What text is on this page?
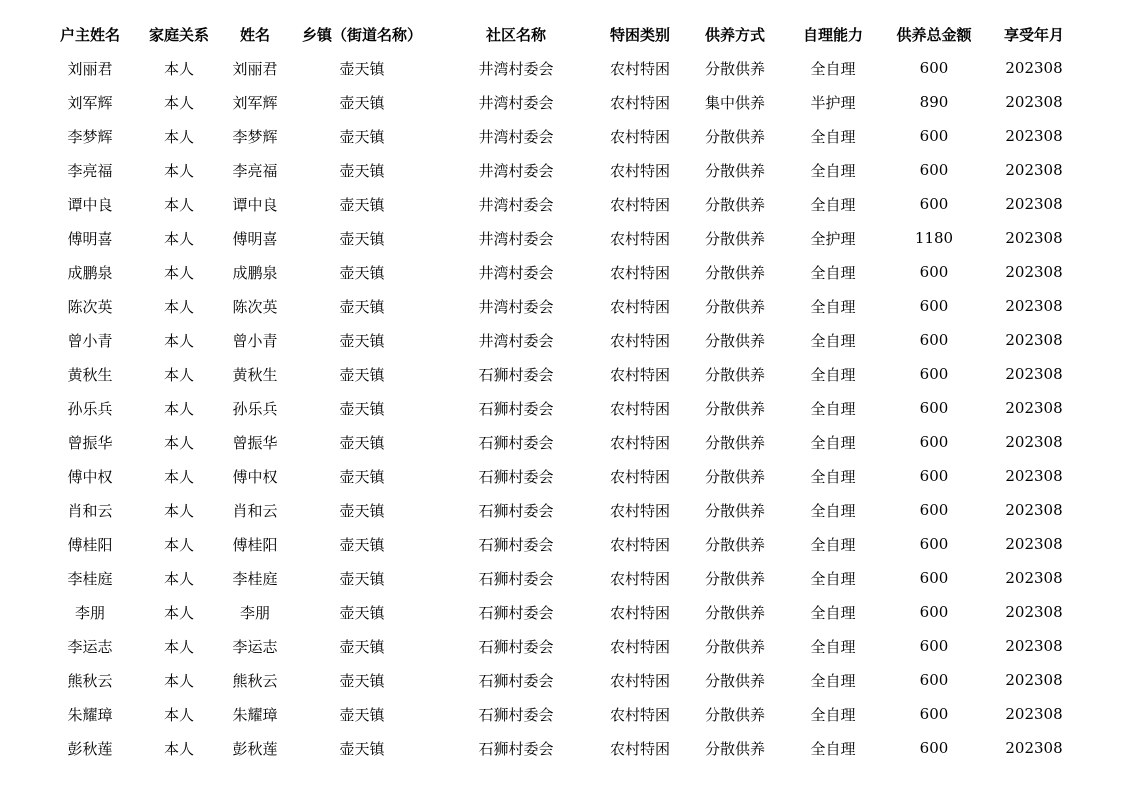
户主姓名	家庭关系	姓名	乡镇（街道名称）	社区名称	特困类别	供养方式	自理能力	供养总金额	享受年月
刘丽君	本人	刘丽君	壶天镇	井湾村委会	农村特困	分散供养	全自理	600	202308
刘军辉	本人	刘军辉	壶天镇	井湾村委会	农村特困	集中供养	半护理	890	202308
李梦辉	本人	李梦辉	壶天镇	井湾村委会	农村特困	分散供养	全自理	600	202308
李亮福	本人	李亮福	壶天镇	井湾村委会	农村特困	分散供养	全自理	600	202308
谭中良	本人	谭中良	壶天镇	井湾村委会	农村特困	分散供养	全自理	600	202308
傅明喜	本人	傅明喜	壶天镇	井湾村委会	农村特困	分散供养	全护理	1180	202308
成鹏泉	本人	成鹏泉	壶天镇	井湾村委会	农村特困	分散供养	全自理	600	202308
陈次英	本人	陈次英	壶天镇	井湾村委会	农村特困	分散供养	全自理	600	202308
曾小青	本人	曾小青	壶天镇	井湾村委会	农村特困	分散供养	全自理	600	202308
黄秋生	本人	黄秋生	壶天镇	石狮村委会	农村特困	分散供养	全自理	600	202308
孙乐兵	本人	孙乐兵	壶天镇	石狮村委会	农村特困	分散供养	全自理	600	202308
曾振华	本人	曾振华	壶天镇	石狮村委会	农村特困	分散供养	全自理	600	202308
傅中权	本人	傅中权	壶天镇	石狮村委会	农村特困	分散供养	全自理	600	202308
肖和云	本人	肖和云	壶天镇	石狮村委会	农村特困	分散供养	全自理	600	202308
傅桂阳	本人	傅桂阳	壶天镇	石狮村委会	农村特困	分散供养	全自理	600	202308
李桂庭	本人	李桂庭	壶天镇	石狮村委会	农村特困	分散供养	全自理	600	202308
李朋	本人	李朋	壶天镇	石狮村委会	农村特困	分散供养	全自理	600	202308
李运志	本人	李运志	壶天镇	石狮村委会	农村特困	分散供养	全自理	600	202308
熊秋云	本人	熊秋云	壶天镇	石狮村委会	农村特困	分散供养	全自理	600	202308
朱耀璋	本人	朱耀璋	壶天镇	石狮村委会	农村特困	分散供养	全自理	600	202308
彭秋莲	本人	彭秋莲	壶天镇	石狮村委会	农村特困	分散供养	全自理	600	202308
